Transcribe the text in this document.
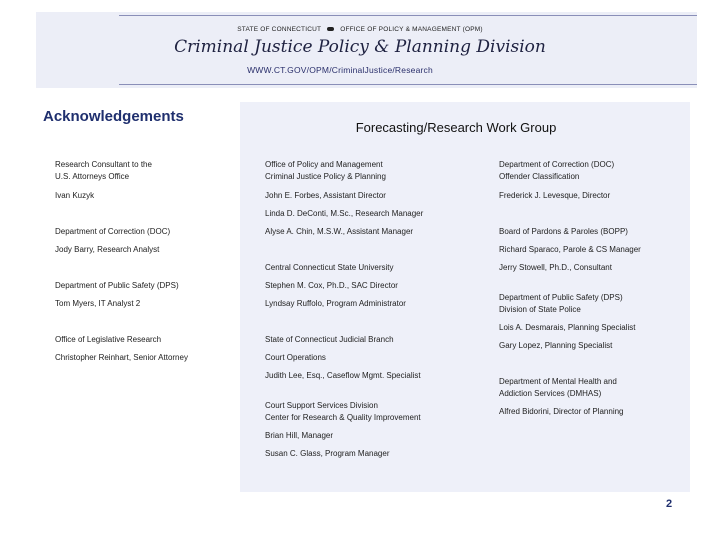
STATE OF CONNECTICUT	OFFICE OF POLICY & MANAGEMENT (OPM)
Criminal Justice Policy & Planning Division
WWW.CT.GOV/OPM/CriminalJustice/Research
Acknowledgements
Forecasting/Research Work Group
Research Consultant to the
U.S. Attorneys Office
Ivan Kuzyk
Department of Correction (DOC)
Jody Barry, Research Analyst
Department of Public Safety (DPS)
Tom Myers, IT Analyst 2
Office of Legislative Research
Christopher Reinhart, Senior Attorney
Office of Policy and Management
Criminal Justice Policy & Planning
John E. Forbes, Assistant Director
Linda D. DeConti, M.Sc., Research Manager
Alyse A. Chin, M.S.W., Assistant Manager
Central Connecticut State University
Stephen M. Cox, Ph.D., SAC Director
Lyndsay Ruffolo, Program Administrator
State of Connecticut Judicial Branch
Court Operations
Judith Lee, Esq., Caseflow Mgmt. Specialist
Court Support Services Division
Center for Research & Quality Improvement
Brian Hill, Manager
Susan C. Glass, Program Manager
Department of Correction (DOC)
Offender Classification
Frederick J. Levesque, Director
Board of Pardons & Paroles (BOPP)
Richard Sparaco, Parole & CS Manager
Jerry Stowell, Ph.D., Consultant
Department of Public Safety (DPS)
Division of State Police
Lois A. Desmarais, Planning Specialist
Gary Lopez, Planning Specialist
Department of Mental Health and
Addiction Services (DMHAS)
Alfred Bidorini, Director of Planning
2
